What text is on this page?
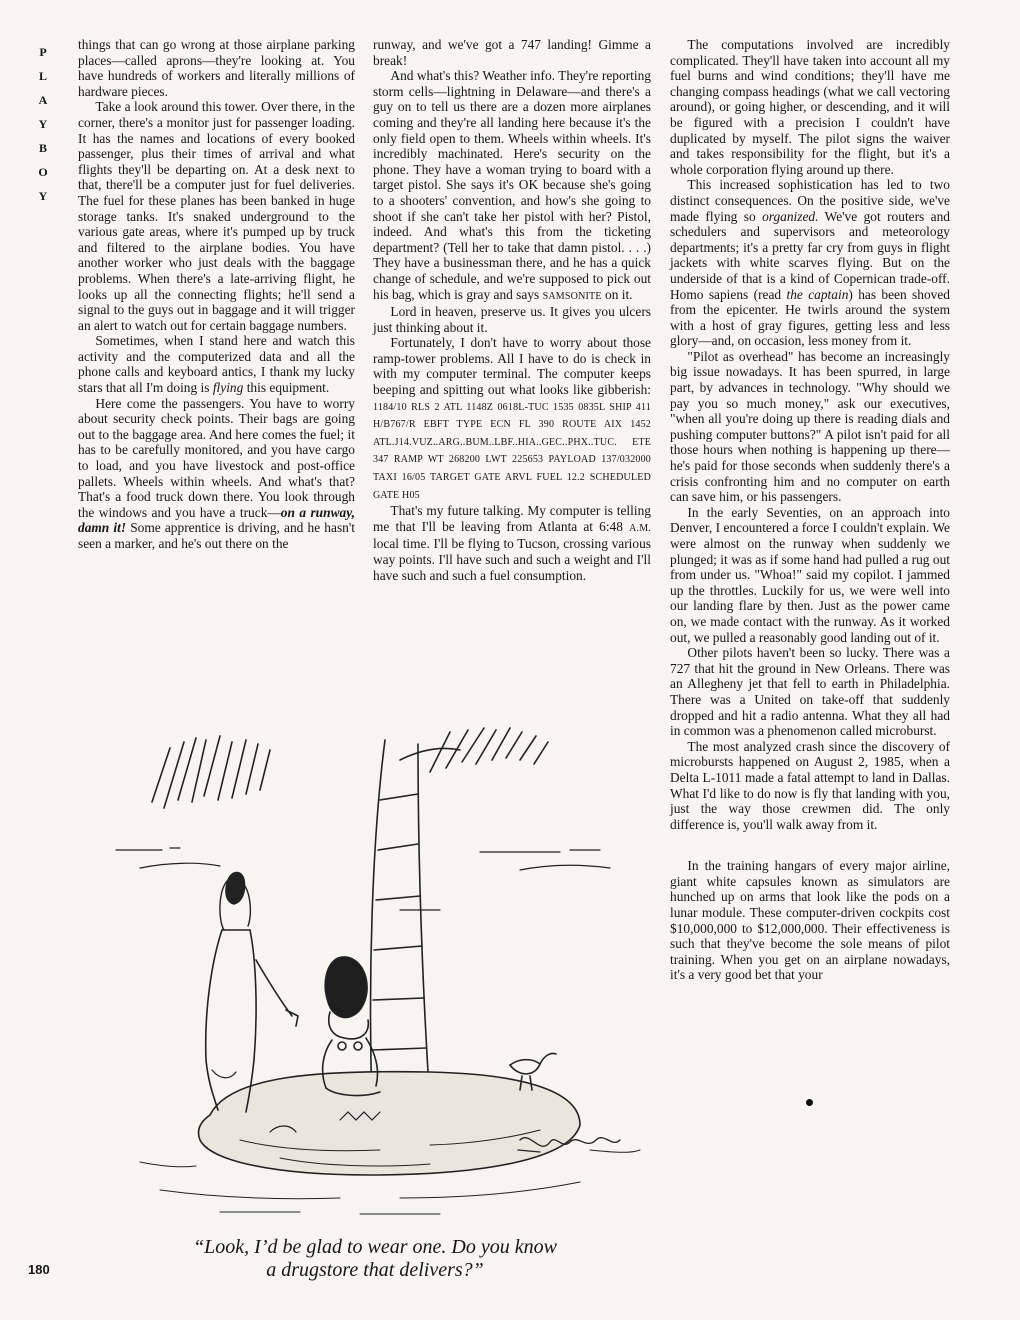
P
L
A
Y
B
O
Y

things that can go wrong at those airplane parking places—called aprons—they're looking at. You have hundreds of workers and literally millions of hardware pieces.

Take a look around this tower. Over there, in the corner, there's a monitor just for passenger loading. It has the names and locations of every booked passenger, plus their times of arrival and what flights they'll be departing on. At a desk next to that, there'll be a computer just for fuel deliveries. The fuel for these planes has been banked in huge storage tanks. It's snaked underground to the various gate areas, where it's pumped up by truck and filtered to the airplane bodies. You have another worker who just deals with the baggage problems. When there's a late-arriving flight, he looks up all the connecting flights; he'll send a signal to the guys out in baggage and it will trigger an alert to watch out for certain baggage numbers.

Sometimes, when I stand here and watch this activity and the computerized data and all the phone calls and keyboard antics, I thank my lucky stars that all I'm doing is flying this equipment.

Here come the passengers. You have to worry about security check points. Their bags are going out to the baggage area. And here comes the fuel; it has to be carefully monitored, and you have cargo to load, and you have livestock and post-office pallets. Wheels within wheels. And what's that? That's a food truck down there. You look through the windows and you have a truck—on a runway, damn it! Some apprentice is driving, and he hasn't seen a marker, and he's out there on the

runway, and we've got a 747 landing! Gimme a break!

And what's this? Weather info. They're reporting storm cells—lightning in Delaware—and there's a guy on to tell us there are a dozen more airplanes coming and they're all landing here because it's the only field open to them. Wheels within wheels. It's incredibly machinated. Here's security on the phone. They have a woman trying to board with a target pistol. She says it's OK because she's going to a shooters' convention, and how's she going to shoot if she can't take her pistol with her? Pistol, indeed. And what's this from the ticketing department? (Tell her to take that damn pistol. . . .) They have a businessman there, and he has a quick change of schedule, and we're supposed to pick out his bag, which is gray and says SAMSONITE on it.

Lord in heaven, preserve us. It gives you ulcers just thinking about it.

Fortunately, I don't have to worry about those ramp-tower problems. All I have to do is check in with my computer terminal. The computer keeps beeping and spitting out what looks like gibberish: 1184/10 RLS 2 ATL 1148Z 0618L-TUC 1535 0835L SHIP 411 H/B767/R EBFT TYPE ECN FL 390 ROUTE AIX 1452 ATL.J14.VUZ..ARG..BUM..LBF..HIA..GEC..PHX..TUC. ETE 347 RAMP WT 268200 LWT 225653 PAYLOAD 137/032000 TAXI 16/05 TARGET GATE ARVL FUEL 12.2 SCHEDULED GATE H05

That's my future talking. My computer is telling me that I'll be leaving from Atlanta at 6:48 A.M. local time. I'll be flying to Tucson, crossing various way points. I'll have such and such a weight and I'll have such and such a fuel consumption.

The computations involved are incredibly complicated. They'll have taken into account all my fuel burns and wind conditions; they'll have me changing compass headings (what we call vectoring around), or going higher, or descending, and it will be figured with a precision I couldn't have duplicated by myself. The pilot signs the waiver and takes responsibility for the flight, but it's a whole corporation flying around up there.

This increased sophistication has led to two distinct consequences. On the positive side, we've made flying so organized. We've got routers and schedulers and supervisors and meteorology departments; it's a pretty far cry from guys in flight jackets with white scarves flying. But on the underside of that is a kind of Copernican trade-off. Homo sapiens (read the captain) has been shoved from the epicenter. He twirls around the system with a host of gray figures, getting less and less glory—and, on occasion, less money from it.

"Pilot as overhead" has become an increasingly big issue nowadays. It has been spurred, in large part, by advances in technology. "Why should we pay you so much money," ask our executives, "when all you're doing up there is reading dials and pushing computer buttons?" A pilot isn't paid for all those hours when nothing is happening up there—he's paid for those seconds when suddenly there's a crisis confronting him and no computer on earth can save him, or his passengers.

In the early Seventies, on an approach into Denver, I encountered a force I couldn't explain. We were almost on the runway when suddenly we plunged; it was as if some hand had pulled a rug out from under us. "Whoa!" said my copilot. I jammed up the throttles. Luckily for us, we were well into our landing flare by then. Just as the power came on, we made contact with the runway. As it worked out, we pulled a reasonably good landing out of it.

Other pilots haven't been so lucky. There was a 727 that hit the ground in New Orleans. There was an Allegheny jet that fell to earth in Philadelphia. There was a United on take-off that suddenly dropped and hit a radio antenna. What they all had in common was a phenomenon called microburst.

The most analyzed crash since the discovery of microbursts happened on August 2, 1985, when a Delta L-1011 made a fatal attempt to land in Dallas. What I'd like to do now is fly that landing with you, just the way those crewmen did. The only difference is, you'll walk away from it.

In the training hangars of every major airline, giant white capsules known as simulators are hunched up on arms that look like the pods on a lunar module. These computer-driven cockpits cost $10,000,000 to $12,000,000. Their effectiveness is such that they've become the sole means of pilot training. When you get on an airplane nowadays, it's a very good bet that your

“Look, I’d be glad to wear one. Do you know
a drugstore that delivers?”
180
